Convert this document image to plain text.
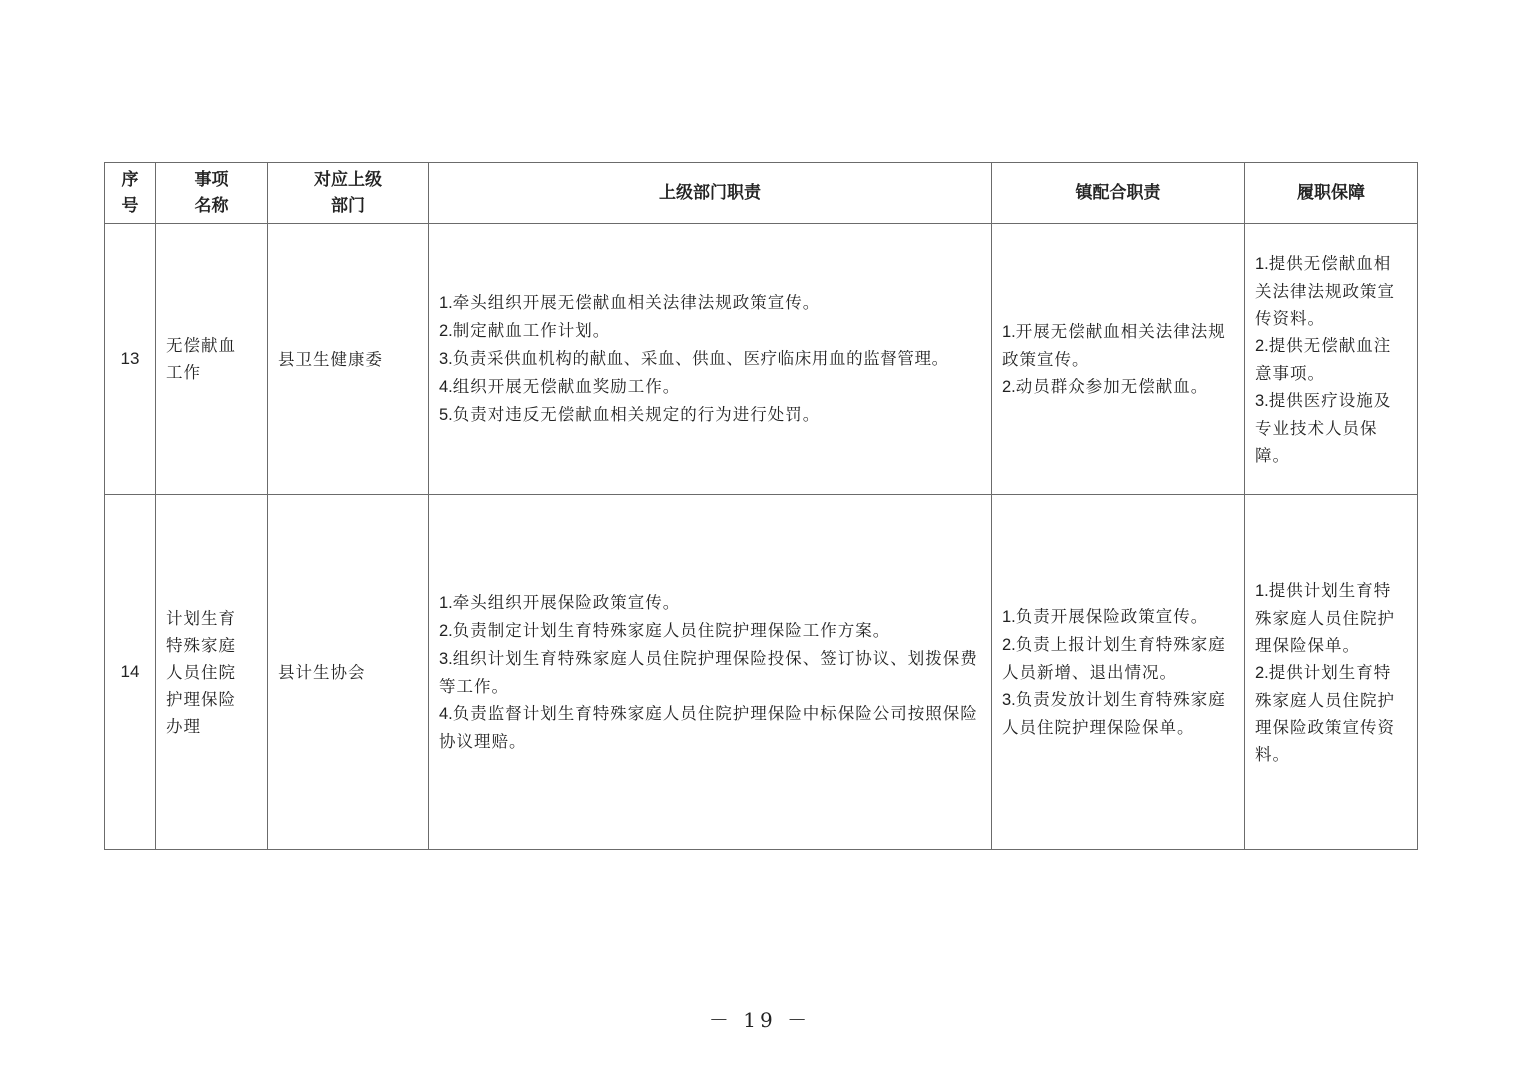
序
号	事项
名称	对应上级
部门	上级部门职责	镇配合职责	履职保障
13	无偿献血
工作	县卫生健康委	1.牵头组织开展无偿献血相关法律法规政策宣传。
2.制定献血工作计划。
3.负责采供血机构的献血、采血、供血、医疗临床用血的监督管理。
4.组织开展无偿献血奖励工作。
5.负责对违反无偿献血相关规定的行为进行处罚。	1.开展无偿献血相关法律法规政策宣传。
2.动员群众参加无偿献血。	1.提供无偿献血相关法律法规政策宣传资料。
2.提供无偿献血注意事项。
3.提供医疗设施及专业技术人员保障。

14	计划生育
特殊家庭
人员住院
护理保险
办理	县计生协会	1.牵头组织开展保险政策宣传。
2.负责制定计划生育特殊家庭人员住院护理保险工作方案。
3.组织计划生育特殊家庭人员住院护理保险投保、签订协议、划拨保费等工作。
4.负责监督计划生育特殊家庭人员住院护理保险中标保险公司按照保险协议理赔。	1.负责开展保险政策宣传。
2.负责上报计划生育特殊家庭人员新增、退出情况。
3.负责发放计划生育特殊家庭人员住院护理保险保单。	1.提供计划生育特殊家庭人员住院护理保险保单。
2.提供计划生育特殊家庭人员住院护理保险政策宣传资料。
－ 19 －
